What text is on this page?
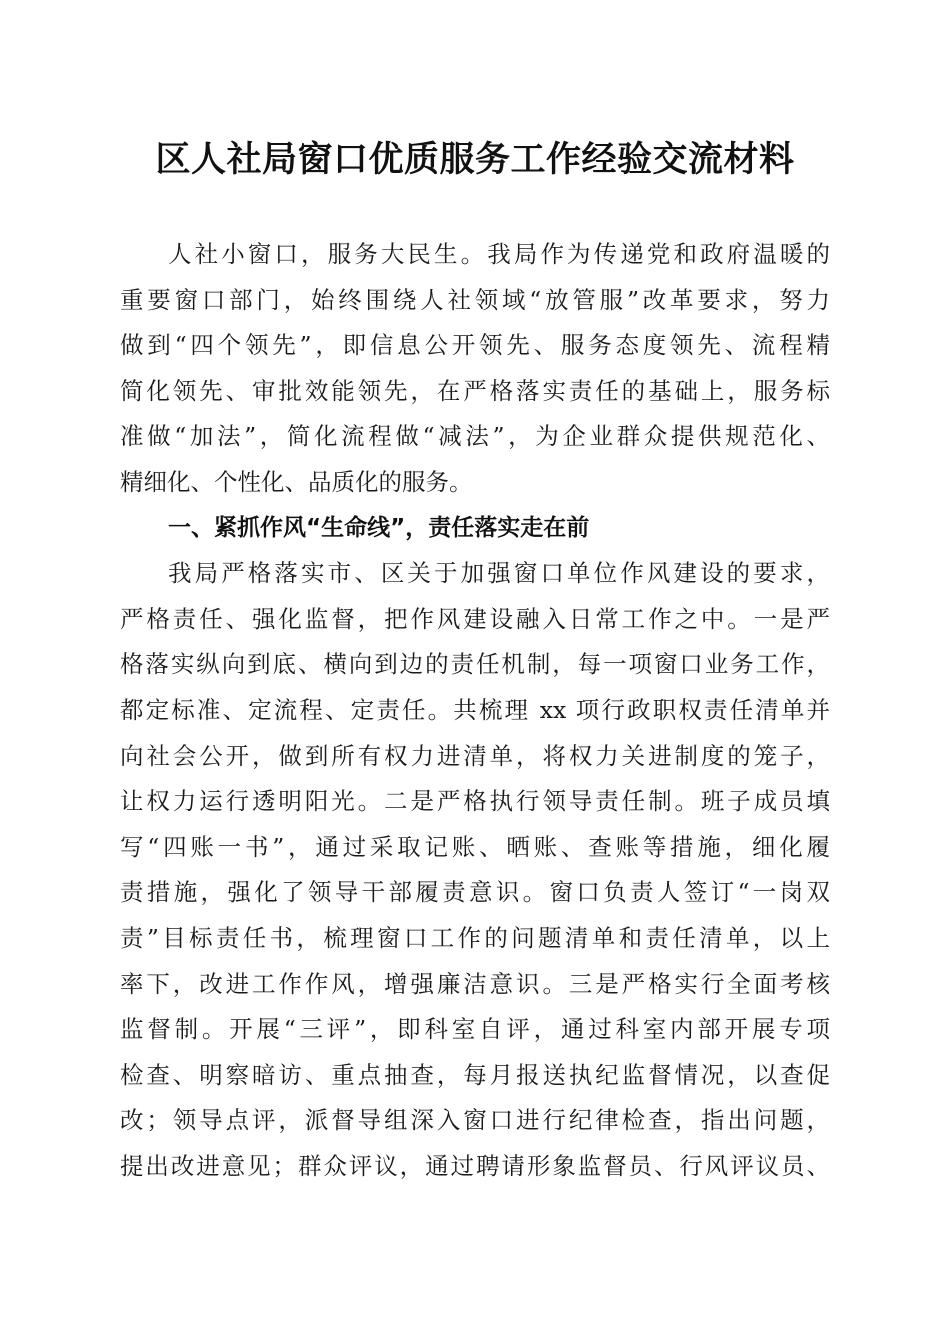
区人社局窗口优质服务工作经验交流材料
人社小窗口，服务大民生。我局作为传递党和政府温暖的
重要窗口部门，始终围绕人社领域“放管服”改革要求，努力
做到“四个领先”，即信息公开领先、服务态度领先、流程精
简化领先、审批效能领先，在严格落实责任的基础上，服务标
准做“加法”，简化流程做“减法”，为企业群众提供规范化、
精细化、个性化、品质化的服务。
一、紧抓作风“生命线”，责任落实走在前
我局严格落实市、区关于加强窗口单位作风建设的要求，
严格责任、强化监督，把作风建设融入日常工作之中。一是严
格落实纵向到底、横向到边的责任机制，每一项窗口业务工作，
都定标准、定流程、定责任。共梳理 xx 项行政职权责任清单并
向社会公开，做到所有权力进清单，将权力关进制度的笼子，
让权力运行透明阳光。二是严格执行领导责任制。班子成员填
写“四账一书”，通过采取记账、晒账、查账等措施，细化履
责措施，强化了领导干部履责意识。窗口负责人签订“一岗双
责”目标责任书，梳理窗口工作的问题清单和责任清单，以上
率下，改进工作作风，增强廉洁意识。三是严格实行全面考核
监督制。开展“三评”，即科室自评，通过科室内部开展专项
检查、明察暗访、重点抽查，每月报送执纪监督情况，以查促
改；领导点评，派督导组深入窗口进行纪律检查，指出问题，
提出改进意见；群众评议，通过聘请形象监督员、行风评议员、
